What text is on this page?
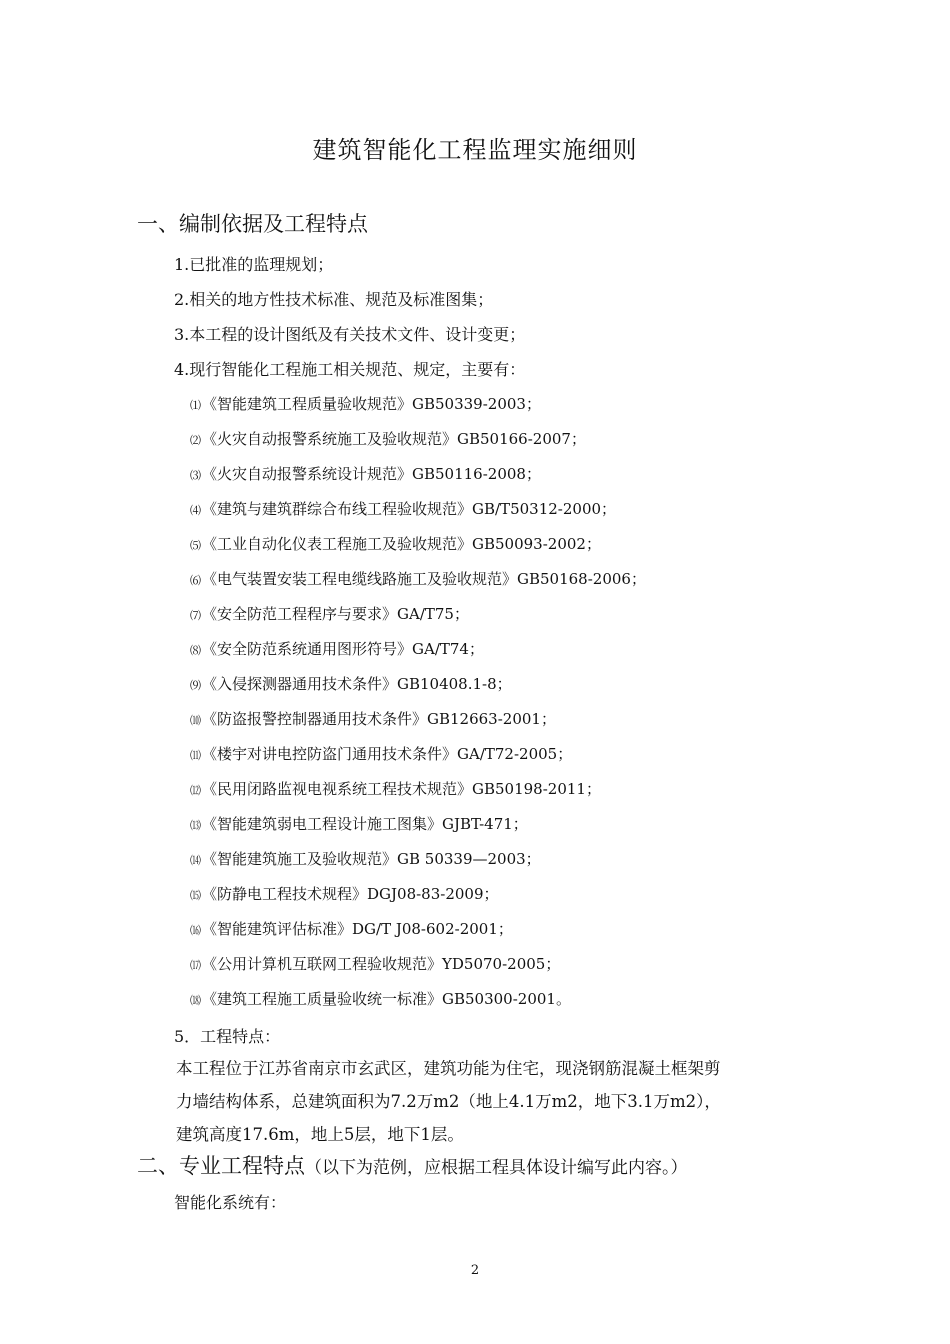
建筑智能化工程监理实施细则
一、编制依据及工程特点
1.已批准的监理规划；
2.相关的地方性技术标准、规范及标准图集；
3.本工程的设计图纸及有关技术文件、设计变更；
4.现行智能化工程施工相关规范、规定，主要有：
⑴《智能建筑工程质量验收规范》GB50339-2003；
⑵《火灾自动报警系统施工及验收规范》GB50166-2007；
⑶《火灾自动报警系统设计规范》GB50116-2008；
⑷《建筑与建筑群综合布线工程验收规范》GB/T50312-2000；
⑸《工业自动化仪表工程施工及验收规范》GB50093-2002；
⑹《电气装置安装工程电缆线路施工及验收规范》GB50168-2006；
⑺《安全防范工程程序与要求》GA/T75；
⑻《安全防范系统通用图形符号》GA/T74；
⑼《入侵探测器通用技术条件》GB10408.1-8；
⑽《防盗报警控制器通用技术条件》GB12663-2001；
⑾《楼宇对讲电控防盗门通用技术条件》GA/T72-2005；
⑿《民用闭路监视电视系统工程技术规范》GB50198-2011；
⒀《智能建筑弱电工程设计施工图集》GJBT-471；
⒁《智能建筑施工及验收规范》GB 50339—2003；
⒂《防静电工程技术规程》DGJ08-83-2009；
⒃《智能建筑评估标准》DG/T J08-602-2001；
⒄《公用计算机互联网工程验收规范》YD5070-2005；
⒅《建筑工程施工质量验收统一标准》GB50300-2001。
5．工程特点：
本工程位于江苏省南京市玄武区，建筑功能为住宅，现浇钢筋混凝土框架剪
力墙结构体系，总建筑面积为7.2万m2（地上4.1万m2，地下3.1万m2），
建筑高度17.6m，地上5层，地下1层。
二、专业工程特点（以下为范例，应根据工程具体设计编写此内容。）
智能化系统有：
2
